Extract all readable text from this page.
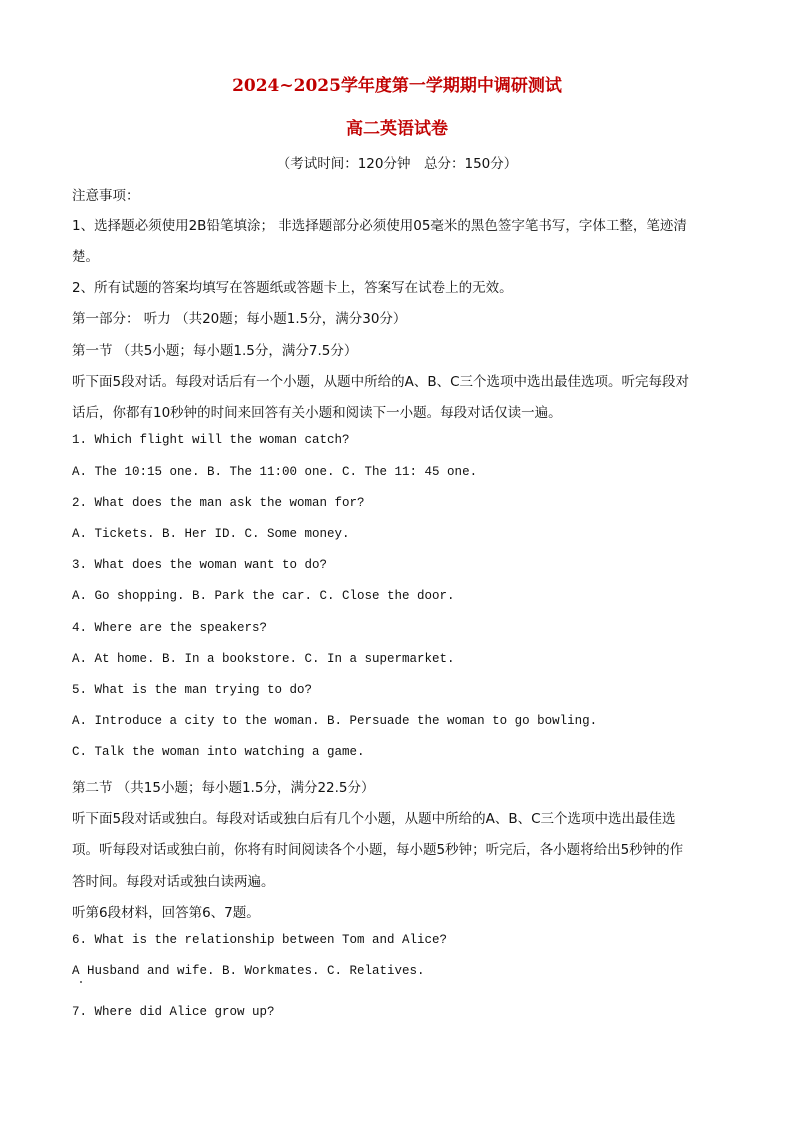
2024~2025学年度第一学期期中调研测试
高二英语试卷
（考试时间：120分钟　总分：150分）
注意事项：
1、选择题必须使用2B铅笔填涂； 非选择题部分必须使用05毫米的黑色签字笔书写，字体工整，笔迹清
楚。
2、所有试题的答案均填写在答题纸或答题卡上，答案写在试卷上的无效。
第一部分： 听力 （共20题；每小题1.5分，满分30分）
第一节 （共5小题；每小题1.5分，满分7.5分）
听下面5段对话。每段对话后有一个小题，从题中所给的A、B、C三个选项中选出最佳选项。听完每段对
话后，你都有10秒钟的时间来回答有关小题和阅读下一小题。每段对话仅读一遍。
1. Which flight will the woman catch?
A. The 10:15 one. B. The 11:00 one. C. The 11: 45 one.
2. What does the man ask the woman for?
A. Tickets. B. Her ID. C. Some money.
3. What does the woman want to do?
A. Go shopping. B. Park the car. C. Close the door.
4. Where are the speakers?
A. At home. B. In a bookstore. C. In a supermarket.
5. What is the man trying to do?
A. Introduce a city to the woman. B. Persuade the woman to go bowling.
C. Talk the woman into watching a game.
第二节 （共15小题；每小题1.5分，满分22.5分）
听下面5段对话或独白。每段对话或独白后有几个小题，从题中所给的A、B、C三个选项中选出最佳选
项。听每段对话或独白前，你将有时间阅读各个小题，每小题5秒钟；听完后，各小题将给出5秒钟的作
答时间。每段对话或独白读两遍。
听第6段材料，回答第6、7题。
6. What is the relationship between Tom and Alice?
A Husband and wife. B. Workmates. C. Relatives.
7. Where did Alice grow up?
